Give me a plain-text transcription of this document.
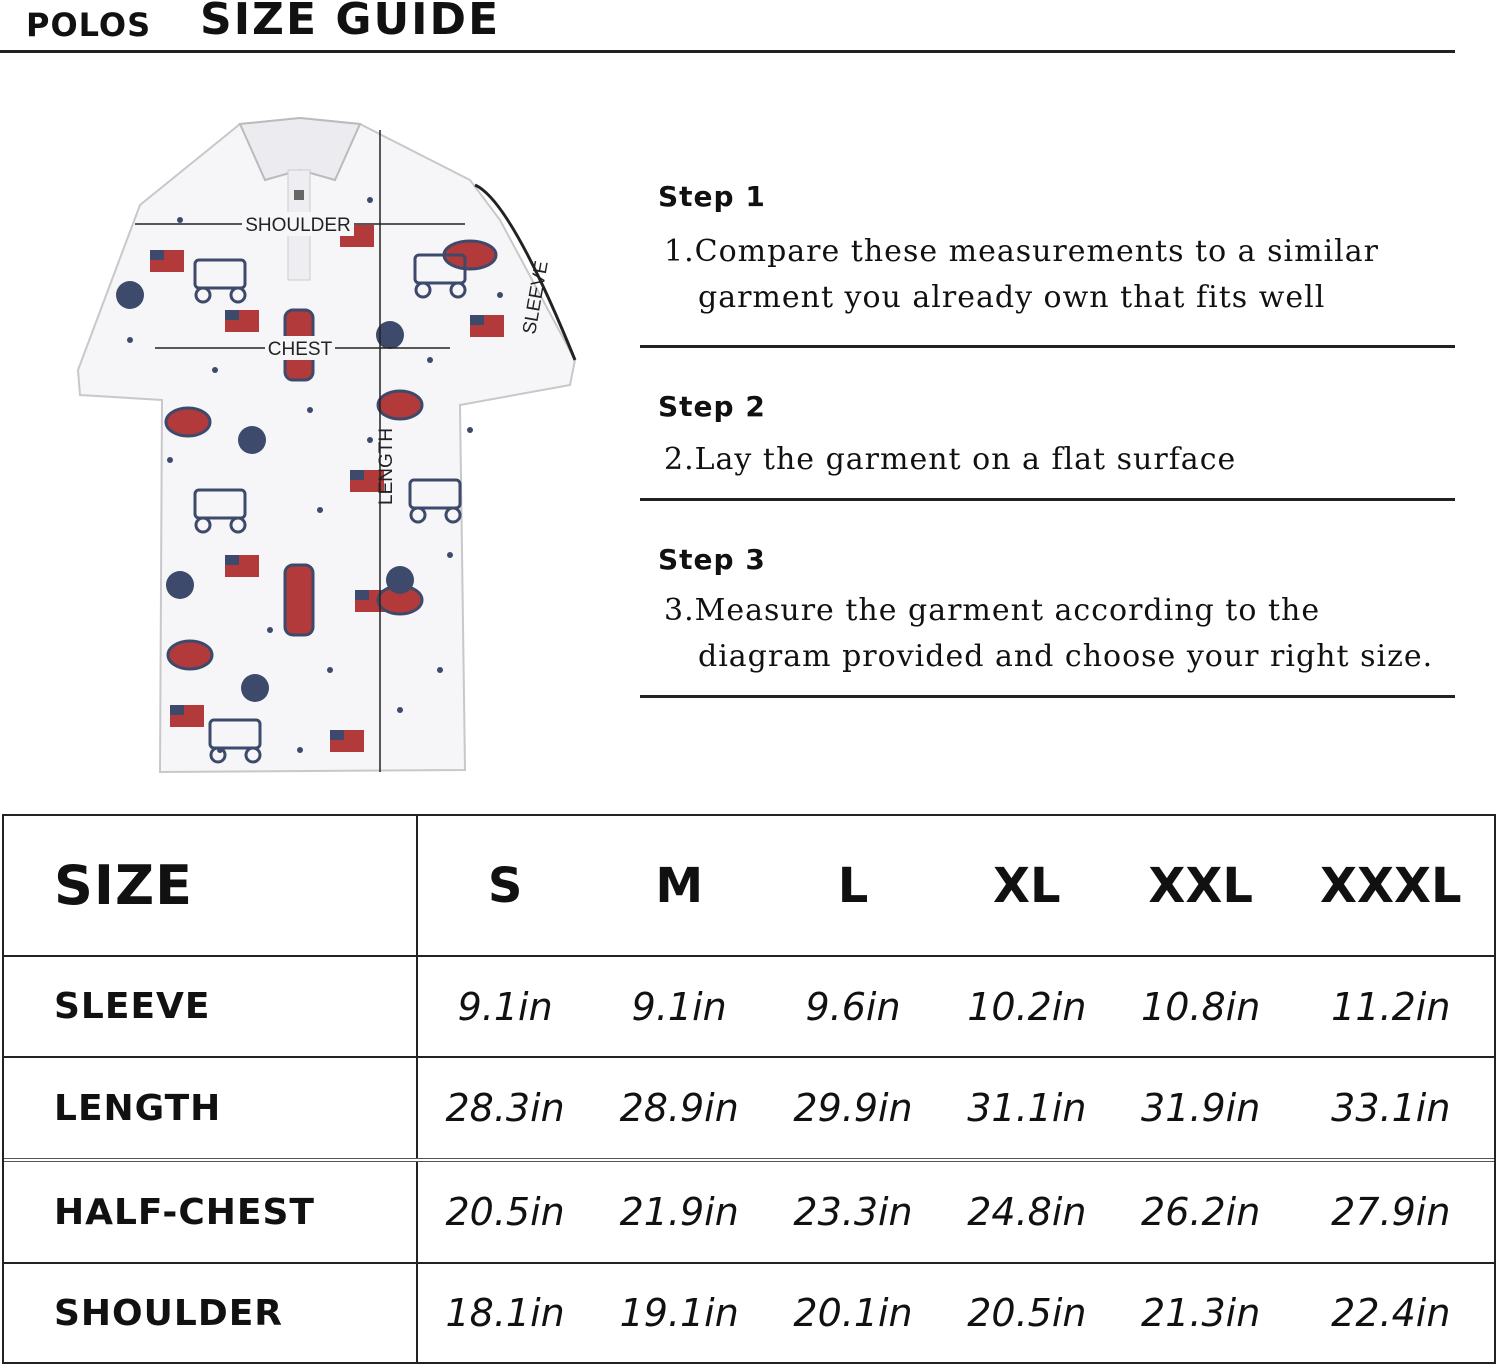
POLOS SIZE GUIDE
SHOULDER
CHEST
LENGTH
SLEEVE
Step 1
1.Compare these measurements to a similar
garment you already own that fits well
Step 2
2.Lay the garment on a flat surface
Step 3
3.Measure the garment according to the
diagram provided and choose your right size.
SIZE	S	M	L	XL	XXL	XXXL
SLEEVE	9.1in	9.1in	9.6in	10.2in	10.8in	11.2in
LENGTH	28.3in	28.9in	29.9in	31.1in	31.9in	33.1in
HALF-CHEST	20.5in	21.9in	23.3in	24.8in	26.2in	27.9in
SHOULDER	18.1in	19.1in	20.1in	20.5in	21.3in	22.4in
